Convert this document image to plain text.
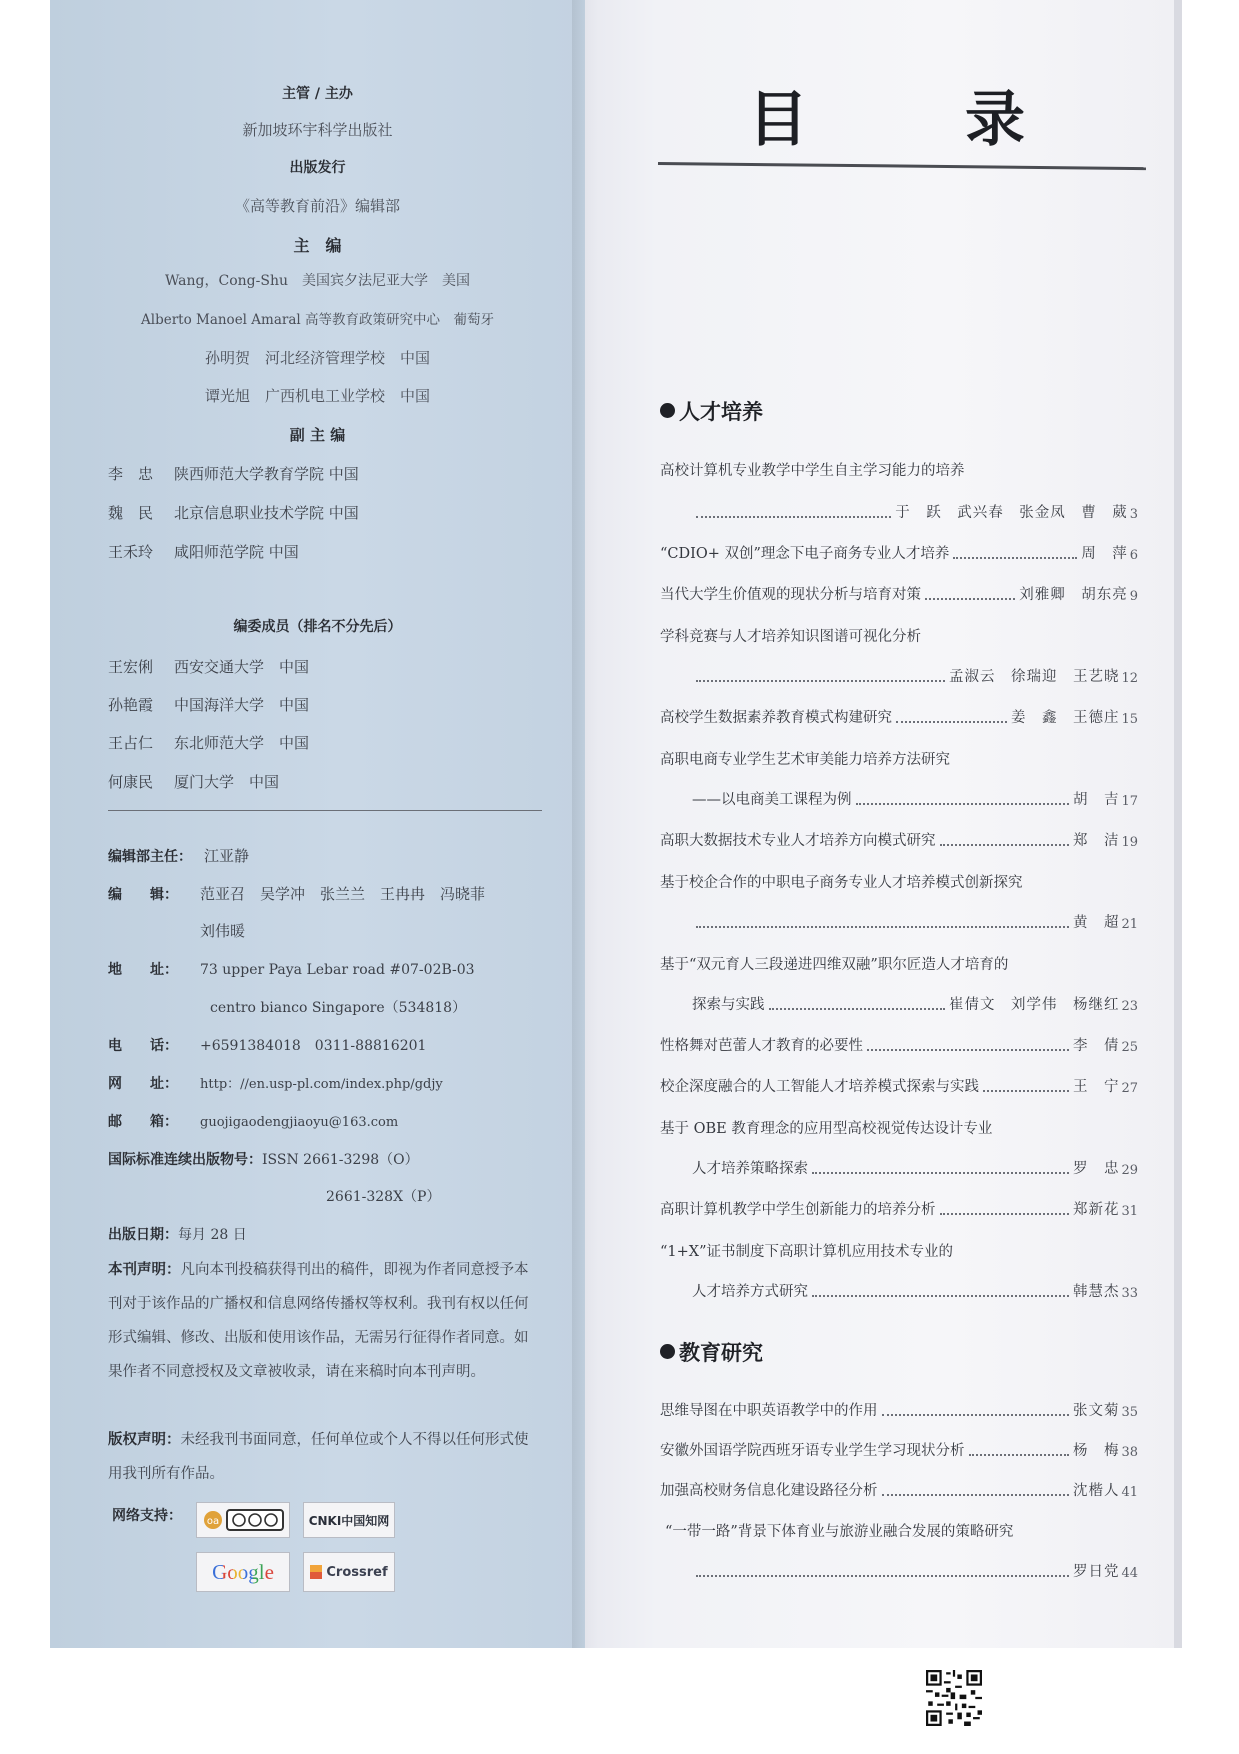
主管 / 主办
新加坡环宇科学出版社
出版发行
《高等教育前沿》编辑部
主　编
Wang，Cong-Shu　美国宾夕法尼亚大学　美国
Alberto Manoel Amaral 高等教育政策研究中心　葡萄牙
孙明贺　河北经济管理学校　中国
谭光旭　广西机电工业学校　中国
副 主 编
李　忠 陕西师范大学教育学院 中国
魏　民 北京信息职业技术学院 中国
王禾玲 咸阳师范学院 中国
编委成员（排名不分先后）
王宏俐 西安交通大学　中国
孙艳霞 中国海洋大学　中国
王占仁 东北师范大学　中国
何康民 厦门大学　中国
编辑部主任： 江亚静
编　　辑： 范亚召　吴学冲　张兰兰　王冉冉　冯晓菲
刘伟暖
地　　址： 73 upper Paya Lebar road #07-02B-03
centro bianco Singapore（534818）
电　　话： +6591384018　0311-88816201
网　　址： http：//en.usp-pl.com/index.php/gdjy
邮　　箱： guojigaodengjiaoyu@163.com
国际标准连续出版物号：ISSN 2661-3298（O）
2661-328X（P）
出版日期：每月 28 日
本刊声明：凡向本刊投稿获得刊出的稿件，即视为作者同意授予本刊对于该作品的广播权和信息网络传播权等权利。我刊有权以任何形式编辑、修改、出版和使用该作品，无需另行征得作者同意。如果作者不同意授权及文章被收录，请在来稿时向本刊声明。
版权声明：未经我刊书面同意，任何单位或个人不得以任何形式使用我刊所有作品。
网络支持： oa	CNKI中国知网
Google	Crossref
目	录
人才培养
高校计算机专业教学中学生自主学习能力的培养
于　跃　武兴春　张金凤　曹　葳 3
“CDIO+ 双创”理念下电子商务专业人才培养	周　萍 6
当代大学生价值观的现状分析与培育对策	刘雅卿　胡东亮 9
学科竞赛与人才培养知识图谱可视化分析
孟淑云　徐瑞迎　王艺晓 12
高校学生数据素养教育模式构建研究	姜　鑫　王德庄 15
高职电商专业学生艺术审美能力培养方法研究
——以电商美工课程为例	胡　吉 17
高职大数据技术专业人才培养方向模式研究	郑　洁 19
基于校企合作的中职电子商务专业人才培养模式创新探究
黄　超 21
基于“双元育人三段递进四维双融”职尔匠造人才培育的
探索与实践	崔倩文　刘学伟　杨继红 23
性格舞对芭蕾人才教育的必要性	李　倩 25
校企深度融合的人工智能人才培养模式探索与实践	王　宁 27
基于 OBE 教育理念的应用型高校视觉传达设计专业
人才培养策略探索	罗　忠 29
高职计算机教学中学生创新能力的培养分析	郑新花 31
“1+X”证书制度下高职计算机应用技术专业的
人才培养方式研究	韩慧杰 33
教育研究
思维导图在中职英语教学中的作用	张文菊 35
安徽外国语学院西班牙语专业学生学习现状分析	杨　梅 38
加强高校财务信息化建设路径分析	沈楷人 41
“一带一路”背景下体育业与旅游业融合发展的策略研究
罗日党 44
